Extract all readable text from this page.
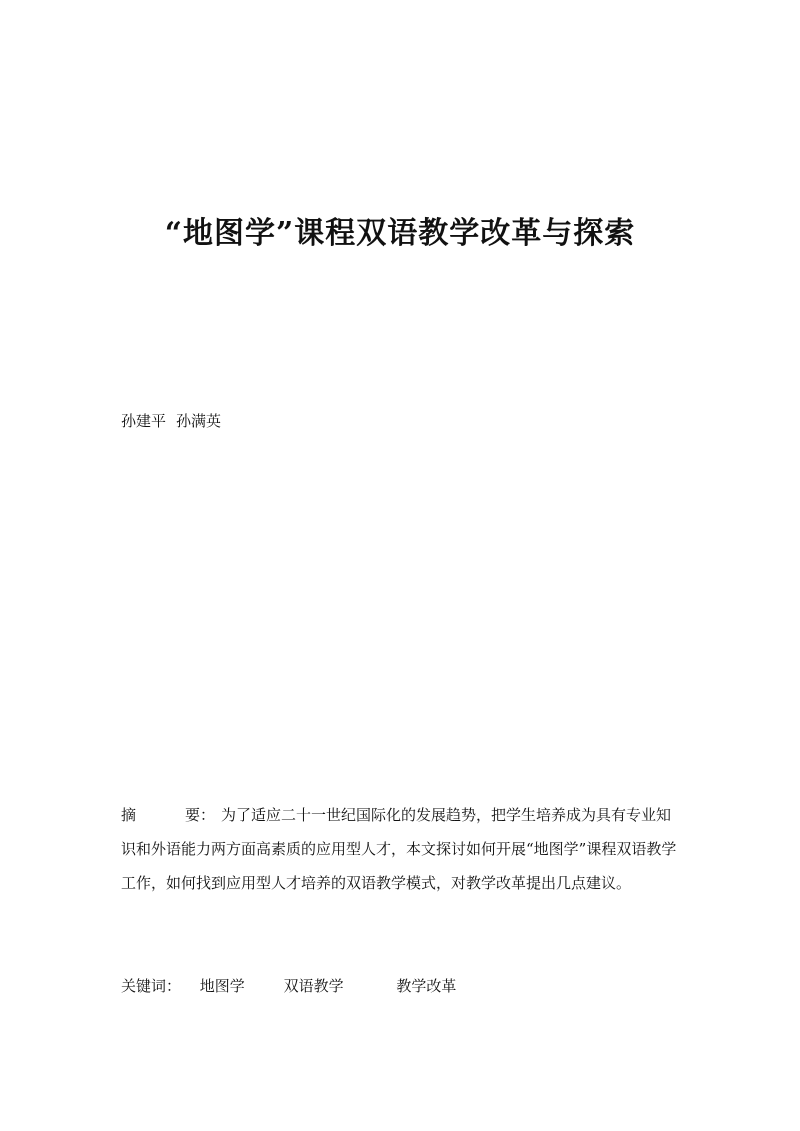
“地图学”课程双语教学改革与探索
孙建平 孙满英
摘	要： 为了适应二十一世纪国际化的发展趋势，把学生培养成为具有专业知识和外语能力两方面高素质的应用型人才，本文探讨如何开展“地图学”课程双语教学工作，如何找到应用型人才培养的双语教学模式，对教学改革提出几点建议。
关键词： 地图学	双语教学	教学改革
